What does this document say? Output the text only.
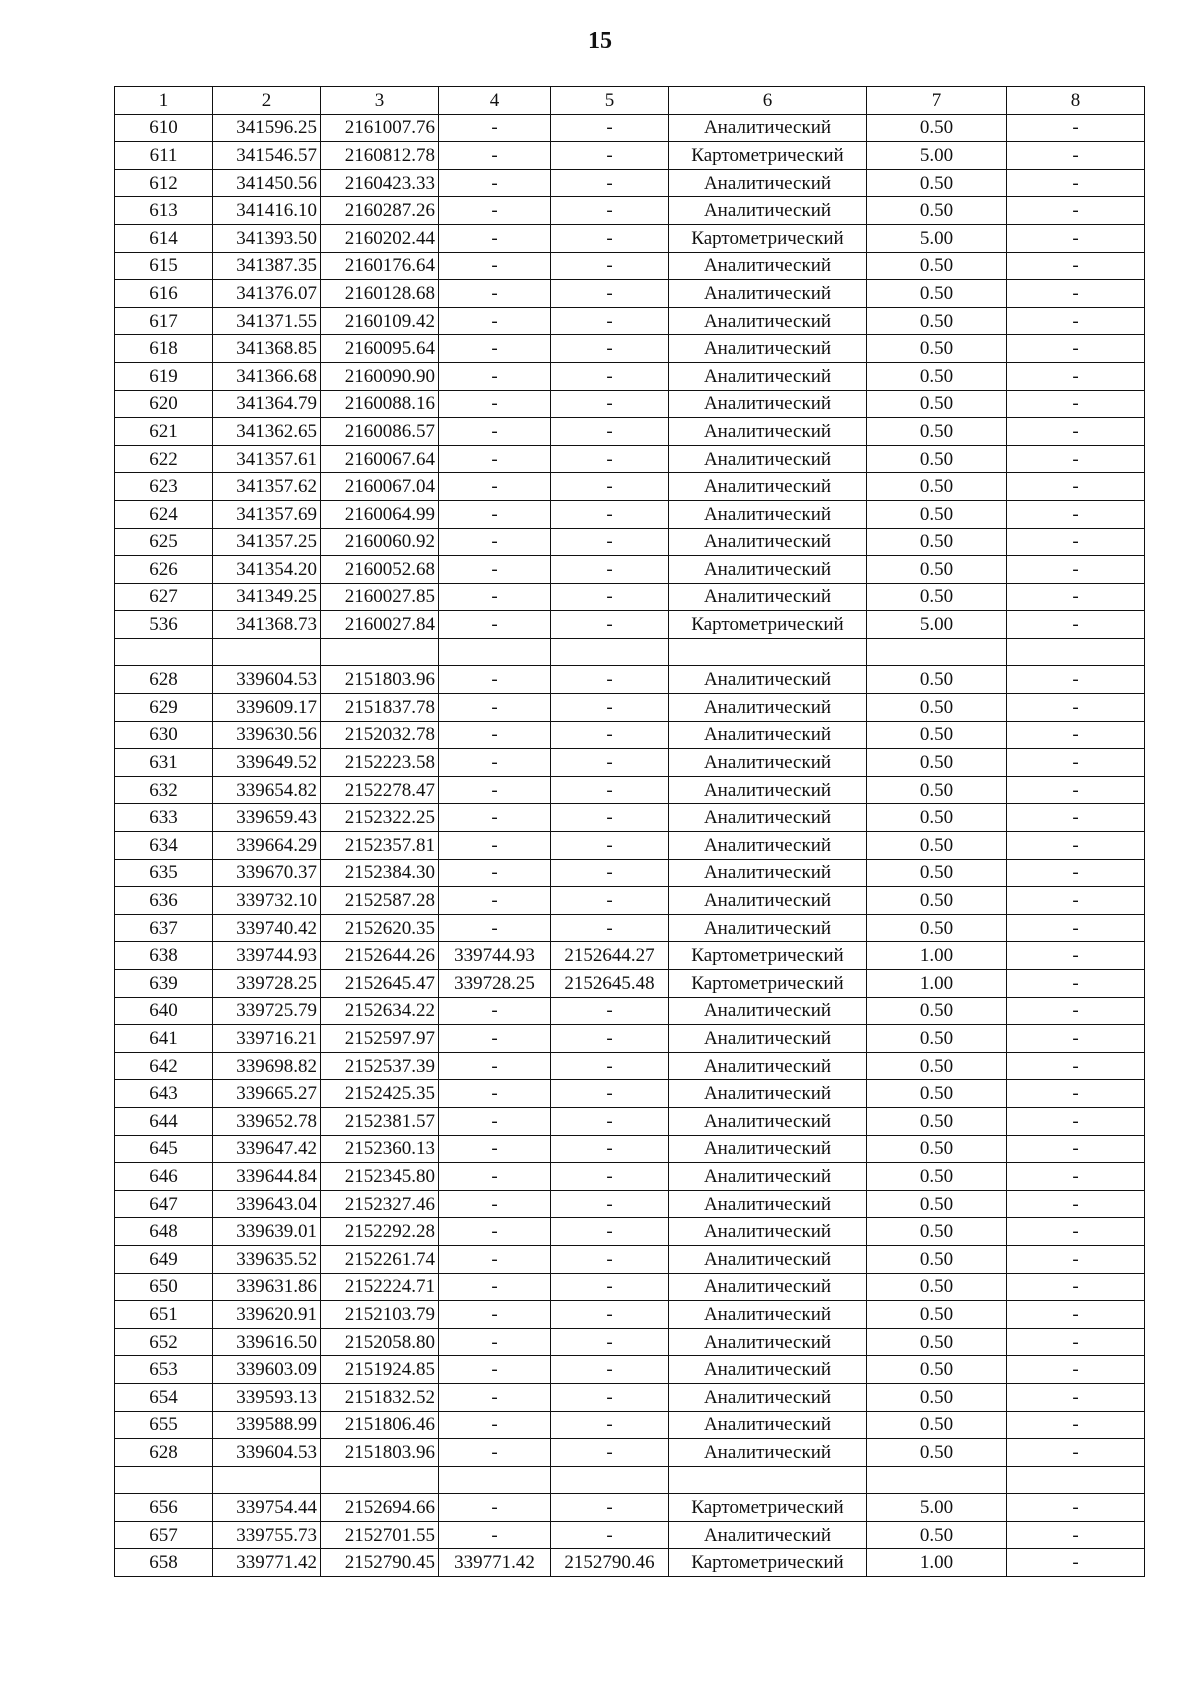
15
1	2	3	4	5	6	7	8
610	341596.25	2161007.76	-	-	Аналитический	0.50	-
611	341546.57	2160812.78	-	-	Картометрический	5.00	-
612	341450.56	2160423.33	-	-	Аналитический	0.50	-
613	341416.10	2160287.26	-	-	Аналитический	0.50	-
614	341393.50	2160202.44	-	-	Картометрический	5.00	-
615	341387.35	2160176.64	-	-	Аналитический	0.50	-
616	341376.07	2160128.68	-	-	Аналитический	0.50	-
617	341371.55	2160109.42	-	-	Аналитический	0.50	-
618	341368.85	2160095.64	-	-	Аналитический	0.50	-
619	341366.68	2160090.90	-	-	Аналитический	0.50	-
620	341364.79	2160088.16	-	-	Аналитический	0.50	-
621	341362.65	2160086.57	-	-	Аналитический	0.50	-
622	341357.61	2160067.64	-	-	Аналитический	0.50	-
623	341357.62	2160067.04	-	-	Аналитический	0.50	-
624	341357.69	2160064.99	-	-	Аналитический	0.50	-
625	341357.25	2160060.92	-	-	Аналитический	0.50	-
626	341354.20	2160052.68	-	-	Аналитический	0.50	-
627	341349.25	2160027.85	-	-	Аналитический	0.50	-
536	341368.73	2160027.84	-	-	Картометрический	5.00	-

628	339604.53	2151803.96	-	-	Аналитический	0.50	-
629	339609.17	2151837.78	-	-	Аналитический	0.50	-
630	339630.56	2152032.78	-	-	Аналитический	0.50	-
631	339649.52	2152223.58	-	-	Аналитический	0.50	-
632	339654.82	2152278.47	-	-	Аналитический	0.50	-
633	339659.43	2152322.25	-	-	Аналитический	0.50	-
634	339664.29	2152357.81	-	-	Аналитический	0.50	-
635	339670.37	2152384.30	-	-	Аналитический	0.50	-
636	339732.10	2152587.28	-	-	Аналитический	0.50	-
637	339740.42	2152620.35	-	-	Аналитический	0.50	-
638	339744.93	2152644.26	339744.93	2152644.27	Картометрический	1.00	-
639	339728.25	2152645.47	339728.25	2152645.48	Картометрический	1.00	-
640	339725.79	2152634.22	-	-	Аналитический	0.50	-
641	339716.21	2152597.97	-	-	Аналитический	0.50	-
642	339698.82	2152537.39	-	-	Аналитический	0.50	-
643	339665.27	2152425.35	-	-	Аналитический	0.50	-
644	339652.78	2152381.57	-	-	Аналитический	0.50	-
645	339647.42	2152360.13	-	-	Аналитический	0.50	-
646	339644.84	2152345.80	-	-	Аналитический	0.50	-
647	339643.04	2152327.46	-	-	Аналитический	0.50	-
648	339639.01	2152292.28	-	-	Аналитический	0.50	-
649	339635.52	2152261.74	-	-	Аналитический	0.50	-
650	339631.86	2152224.71	-	-	Аналитический	0.50	-
651	339620.91	2152103.79	-	-	Аналитический	0.50	-
652	339616.50	2152058.80	-	-	Аналитический	0.50	-
653	339603.09	2151924.85	-	-	Аналитический	0.50	-
654	339593.13	2151832.52	-	-	Аналитический	0.50	-
655	339588.99	2151806.46	-	-	Аналитический	0.50	-
628	339604.53	2151803.96	-	-	Аналитический	0.50	-

656	339754.44	2152694.66	-	-	Картометрический	5.00	-
657	339755.73	2152701.55	-	-	Аналитический	0.50	-
658	339771.42	2152790.45	339771.42	2152790.46	Картометрический	1.00	-
